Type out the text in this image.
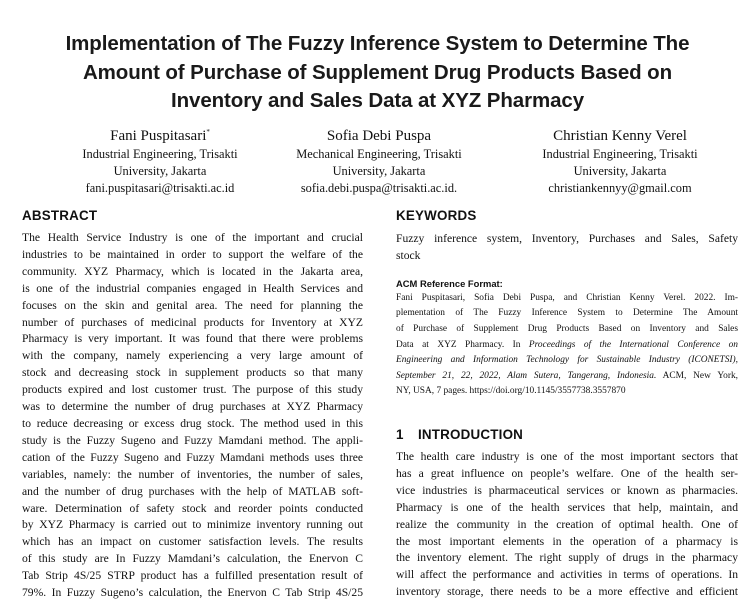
Implementation of The Fuzzy Inference System to Determine The
Amount of Purchase of Supplement Drug Products Based on
Inventory and Sales Data at XYZ Pharmacy
Fani Puspitasari*
Industrial Engineering, Trisakti
University, Jakarta
fani.puspitasari@trisakti.ac.id
Sofia Debi Puspa
Mechanical Engineering, Trisakti
University, Jakarta
sofia.debi.puspa@trisakti.ac.id.
Christian Kenny Verel
Industrial Engineering, Trisakti
University, Jakarta
christiankennyy@gmail.com
ABSTRACT
The Health Service Industry is one of the important and crucial
industries to be maintained in order to support the welfare of the
community. XYZ Pharmacy, which is located in the Jakarta area,
is one of the industrial companies engaged in Health Services and
focuses on the skin and genital area. The need for planning the
number of purchases of medicinal products for Inventory at XYZ
Pharmacy is very important. It was found that there were problems
with the company, namely experiencing a very large amount of
stock and decreasing stock in supplement products so that many
products expired and lost customer trust. The purpose of this study
was to determine the number of drug purchases at XYZ Pharmacy
to reduce decreasing or excess drug stock. The method used in this
study is the Fuzzy Sugeno and Fuzzy Mamdani method. The appli-
cation of the Fuzzy Sugeno and Fuzzy Mamdani methods uses three
variables, namely: the number of inventories, the number of sales,
and the number of drug purchases with the help of MATLAB soft-
ware. Determination of safety stock and reorder points conducted
by XYZ Pharmacy is carried out to minimize inventory running out
which has an impact on customer satisfaction levels. The results
of this study are In Fuzzy Mamdani’s calculation, the Enervon C
Tab Strip 4S/25 STRP product has a fulfilled presentation result of
79%. In Fuzzy Sugeno’s calculation, the Enervon C Tab Strip 4S/25
KEYWORDS
Fuzzy inference system, Inventory, Purchases and Sales, Safety
stock
ACM Reference Format:
Fani Puspitasari, Sofia Debi Puspa, and Christian Kenny Verel. 2022. Im-
plementation of The Fuzzy Inference System to Determine The Amount
of Purchase of Supplement Drug Products Based on Inventory and Sales
Data at XYZ Pharmacy. In Proceedings of the International Conference on
Engineering and Information Technology for Sustainable Industry (ICONETSI),
September 21, 22, 2022, Alam Sutera, Tangerang, Indonesia. ACM, New York,
NY, USA, 7 pages. https://doi.org/10.1145/3557738.3557870
1 INTRODUCTION
The health care industry is one of the most important sectors that
has a great influence on people’s welfare. One of the health ser-
vice industries is pharmaceutical services or known as pharmacies.
Pharmacy is one of the health services that help, maintain, and
realize the community in the creation of optimal health. One of
the most important elements in the operation of a pharmacy is
the inventory element. The right supply of drugs in the pharmacy
will affect the performance and activities in terms of operations. In
inventory storage, there needs to be a more effective and efficient
